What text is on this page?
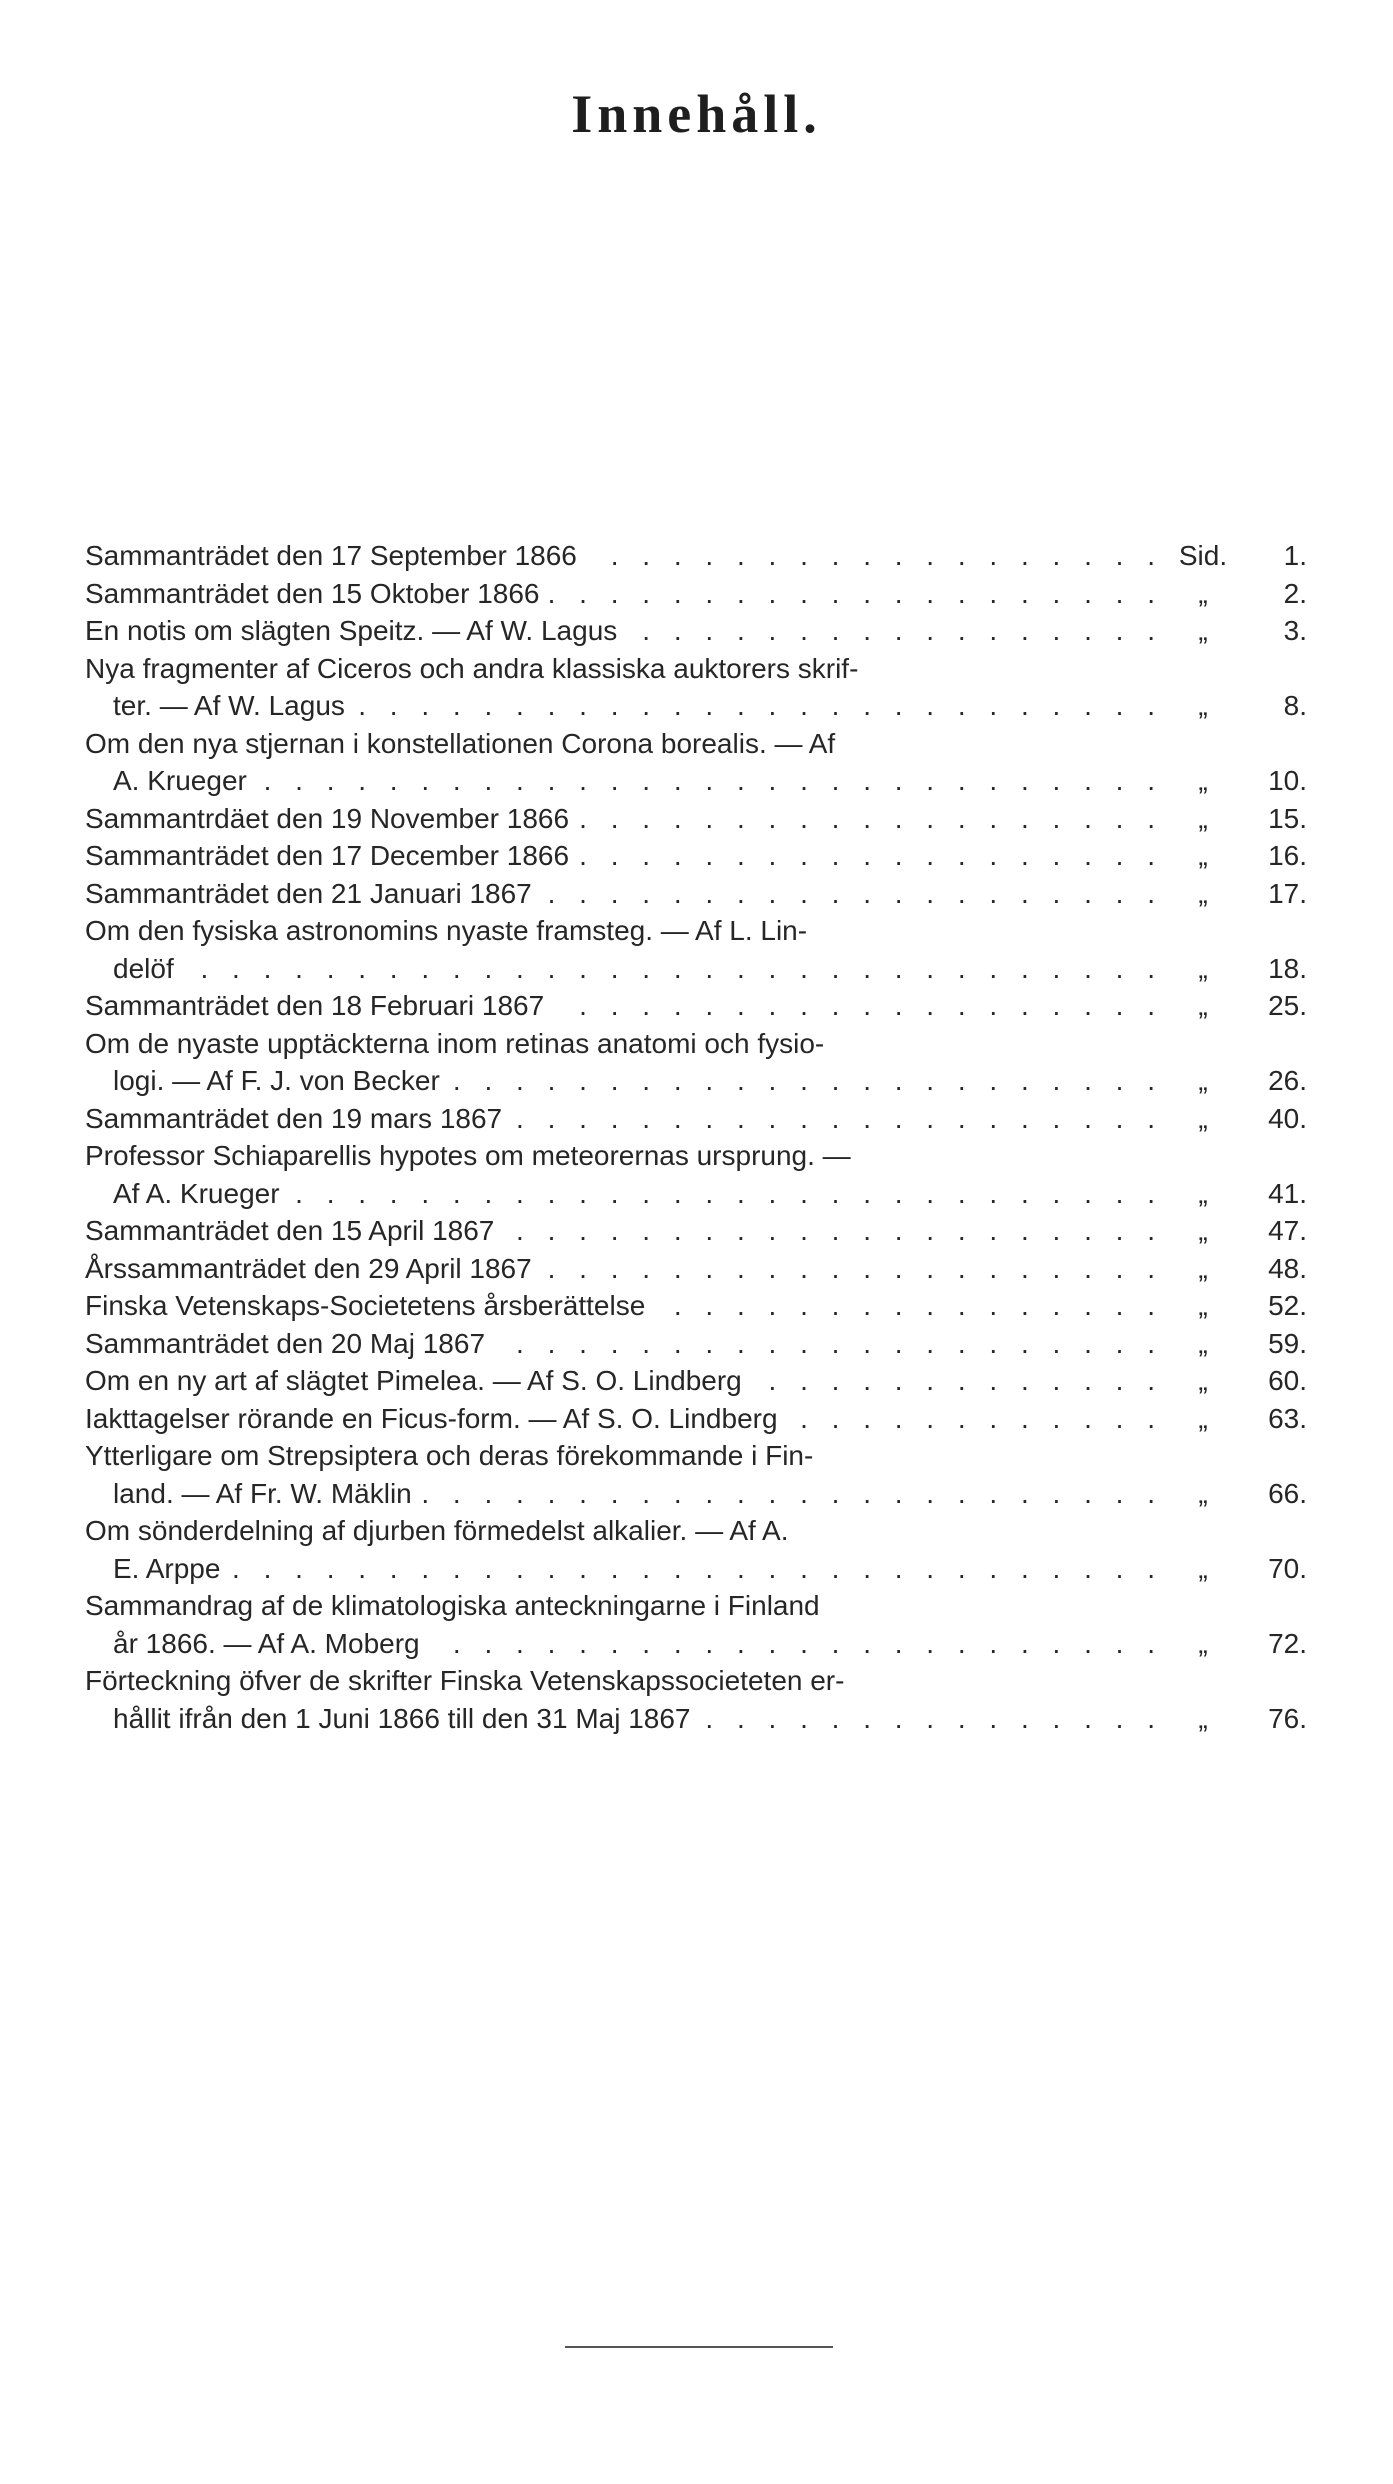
Innehåll.
Sammanträdet den 17 September 1866 . . .	Sid.	1.
Sammanträdet den 15 Oktober 1866 . . .	„	2.
En notis om slägten Speitz. — Af W. Lagus . . .	„	3.
Nya fragmenter af Ciceros och andra klassiska auktorers skrif-
ter. — Af W. Lagus . . .	„	8.
Om den nya stjernan i konstellationen Corona borealis. — Af
A. Krueger . . .	„	10.
Sammantrdäet den 19 November 1866 . . .	„	15.
Sammanträdet den 17 December 1866 . . .	„	16.
Sammanträdet den 21 Januari 1867 . . .	„	17.
Om den fysiska astronomins nyaste framsteg. — Af L. Lin-
delöf . . .	„	18.
Sammanträdet den 18 Februari 1867 . . .	„	25.
Om de nyaste upptäckterna inom retinas anatomi och fysio-
logi. — Af F. J. von Becker . . .	„	26.
Sammanträdet den 19 mars 1867 . . .	„	40.
Professor Schiaparellis hypotes om meteorernas ursprung. —
Af A. Krueger . . .	„	41.
Sammanträdet den 15 April 1867 . . .	„	47.
Årssammanträdet den 29 April 1867 . . .	„	48.
Finska Vetenskaps-Societetens årsberättelse . . .	„	52.
Sammanträdet den 20 Maj 1867 . . .	„	59.
Om en ny art af slägtet Pimelea. — Af S. O. Lindberg . . .	„	60.
Iakttagelser rörande en Ficus-form. — Af S. O. Lindberg . . .	„	63.
Ytterligare om Strepsiptera och deras förekommande i Fin-
land. — Af Fr. W. Mäklin . . .	„	66.
Om sönderdelning af djurben förmedelst alkalier. — Af A.
E. Arppe . . .	„	70.
Sammandrag af de klimatologiska anteckningarne i Finland
år 1866. — Af A. Moberg . . .	„	72.
Förteckning öfver de skrifter Finska Vetenskapssocieteten er-
hållit ifrån den 1 Juni 1866 till den 31 Maj 1867 . . .	„	76.
